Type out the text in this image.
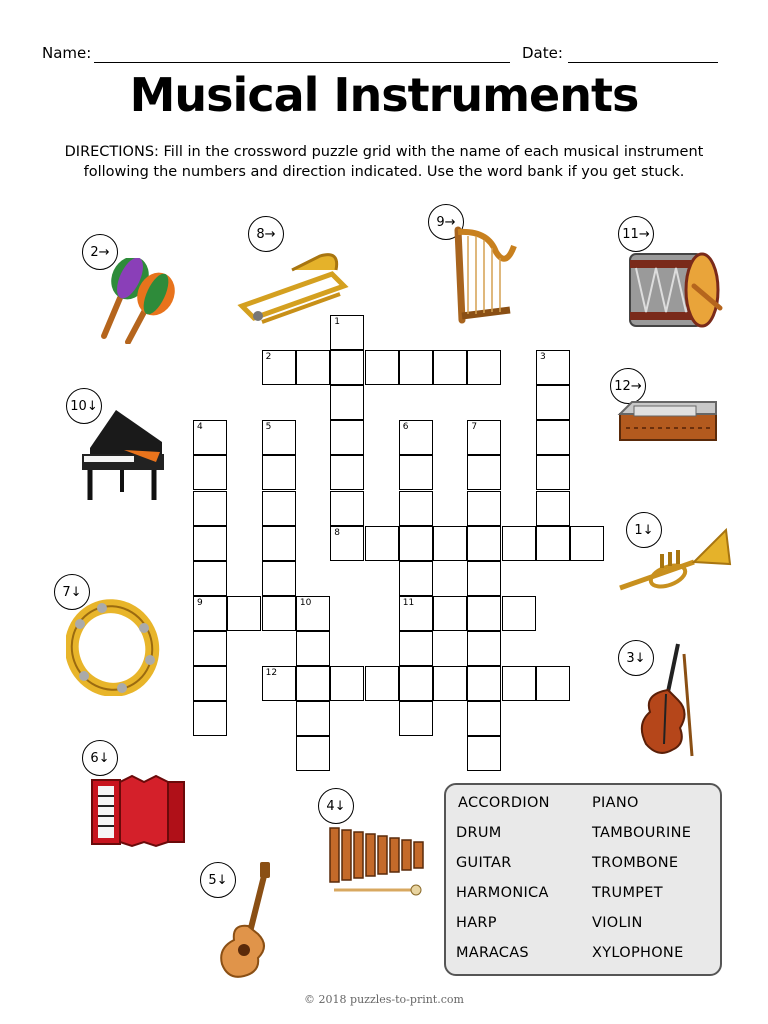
Name:	Date:
Musical Instruments
DIRECTIONS: Fill in the crossword puzzle grid with the name of each musical instrument following the numbers and direction indicated. Use the word bank if you get stuck.
2
8
9	10	11
12
1
3
4	5	6	7
2→
8→
9→
11→
10↓
12→
1↓
7↓
3↓
6↓
4↓
5↓
ACCORDION
DRUM
GUITAR
HARMONICA
HARP
MARACAS
PIANO
TAMBOURINE
TROMBONE
TRUMPET
VIOLIN
XYLOPHONE
© 2018 puzzles-to-print.com
